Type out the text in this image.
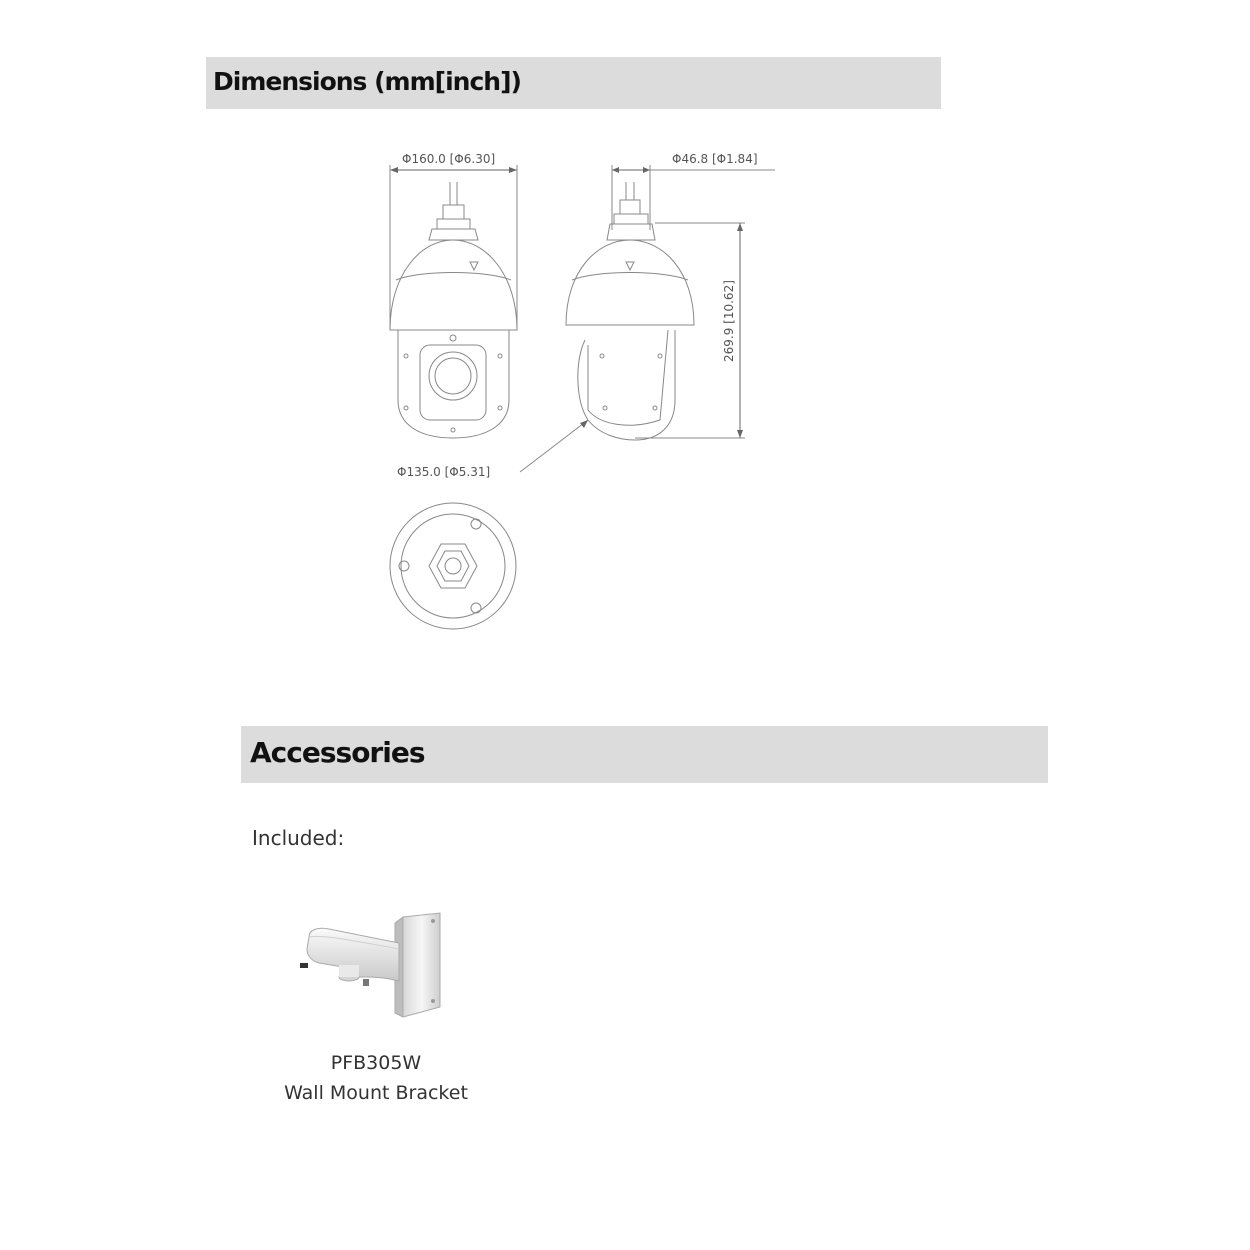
Dimensions (mm[inch])
Φ160.0 [Φ6.30]	Φ46.8 [Φ1.84]
Φ135.0 [Φ5.31]
269.9 [10.62]
Accessories
Included:
PFB305W
Wall Mount Bracket
